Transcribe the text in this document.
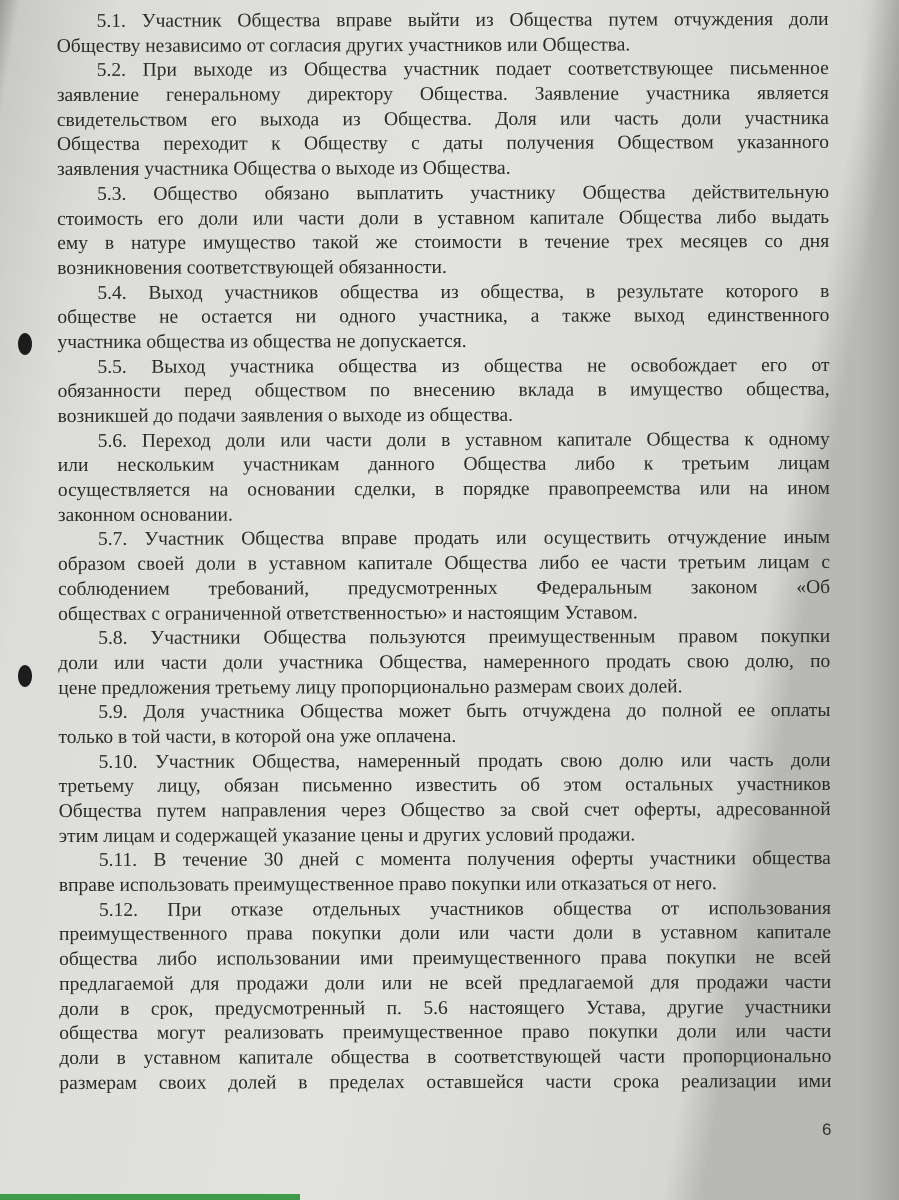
5.1. Участник Общества вправе выйти из Общества путем отчуждения доли
Обществу независимо от согласия других участников или Общества.
5.2. При выходе из Общества участник подает соответствующее письменное
заявление генеральному директору Общества. Заявление участника является
свидетельством его выхода из Общества. Доля или часть доли участника
Общества переходит к Обществу с даты получения Обществом указанного
заявления участника Общества о выходе из Общества.
5.3. Общество обязано выплатить участнику Общества действительную
стоимость его доли или части доли в уставном капитале Общества либо выдать
ему в натуре имущество такой же стоимости в течение трех месяцев со дня
возникновения соответствующей обязанности.
5.4. Выход участников общества из общества, в результате которого в
обществе не остается ни одного участника, а также выход единственного
участника общества из общества не допускается.
5.5. Выход участника общества из общества не освобождает его от
обязанности перед обществом по внесению вклада в имущество общества,
возникшей до подачи заявления о выходе из общества.
5.6. Переход доли или части доли в уставном капитале Общества к одному
или нескольким участникам данного Общества либо к третьим лицам
осуществляется на основании сделки, в порядке правопреемства или на ином
законном основании.
5.7. Участник Общества вправе продать или осуществить отчуждение иным
образом своей доли в уставном капитале Общества либо ее части третьим лицам с
соблюдением требований, предусмотренных Федеральным законом «Об
обществах с ограниченной ответственностью» и настоящим Уставом.
5.8. Участники Общества пользуются преимущественным правом покупки
доли или части доли участника Общества, намеренного продать свою долю, по
цене предложения третьему лицу пропорционально размерам своих долей.
5.9. Доля участника Общества может быть отчуждена до полной ее оплаты
только в той части, в которой она уже оплачена.
5.10. Участник Общества, намеренный продать свою долю или часть доли
третьему лицу, обязан письменно известить об этом остальных участников
Общества путем направления через Общество за свой счет оферты, адресованной
этим лицам и содержащей указание цены и других условий продажи.
5.11. В течение 30 дней с момента получения оферты участники общества
вправе использовать преимущественное право покупки или отказаться от него.
5.12. При отказе отдельных участников общества от использования
преимущественного права покупки доли или части доли в уставном капитале
общества либо использовании ими преимущественного права покупки не всей
предлагаемой для продажи доли или не всей предлагаемой для продажи части
доли в срок, предусмотренный п. 5.6 настоящего Устава, другие участники
общества могут реализовать преимущественное право покупки доли или части
доли в уставном капитале общества в соответствующей части пропорционально
размерам своих долей в пределах оставшейся части срока реализации ими
6
